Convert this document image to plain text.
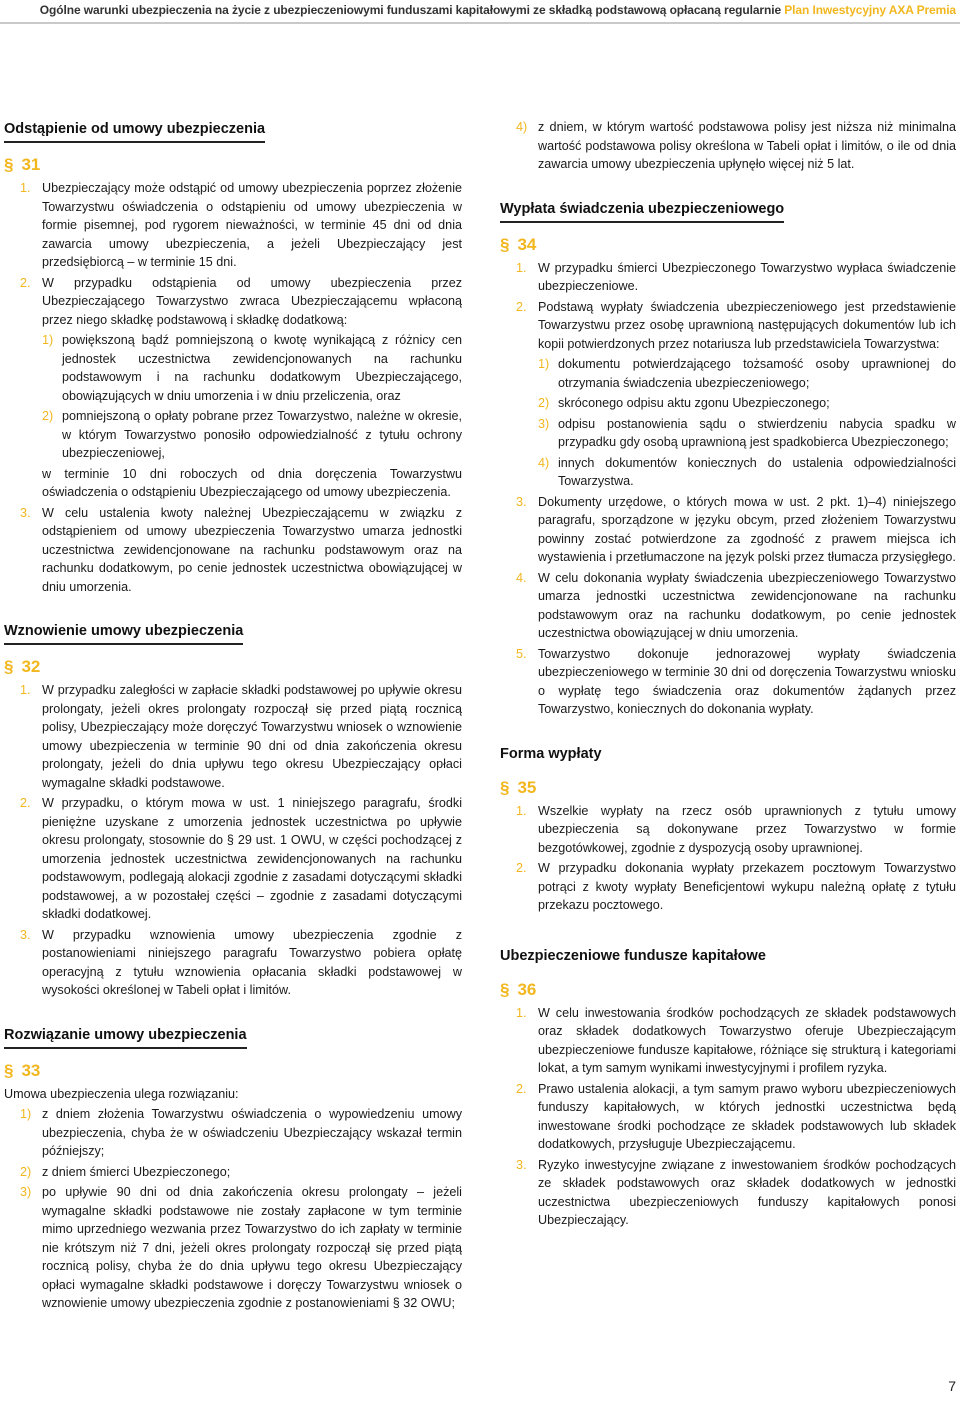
Ogólne warunki ubezpieczenia na życie z ubezpieczeniowymi funduszami kapitałowymi ze składką podstawową opłacaną regularnie Plan Inwestycyjny AXA Premia
Odstąpienie od umowy ubezpieczenia
§ 31
1. Ubezpieczający może odstąpić od umowy ubezpieczenia poprzez złożenie Towarzystwu oświadczenia o odstąpieniu od umowy ubezpieczenia w formie pisemnej, pod rygorem nieważności, w terminie 45 dni od dnia zawarcia umowy ubezpieczenia, a jeżeli Ubezpieczający jest przedsiębiorcą – w terminie 15 dni.
2. W przypadku odstąpienia od umowy ubezpieczenia przez Ubezpieczającego Towarzystwo zwraca Ubezpieczającemu wpłaconą przez niego składkę podstawową i składkę dodatkową:
1) powiększoną bądź pomniejszoną o kwotę wynikającą z różnicy cen jednostek uczestnictwa zewidencjonowanych na rachunku podstawowym i na rachunku dodatkowym Ubezpieczającego, obowiązujących w dniu umorzenia i w dniu przeliczenia, oraz
2) pomniejszoną o opłaty pobrane przez Towarzystwo, należne w okresie, w którym Towarzystwo ponosiło odpowiedzialność z tytułu ochrony ubezpieczeniowej,
w terminie 10 dni roboczych od dnia doręczenia Towarzystwu oświadczenia o odstąpieniu Ubezpieczającego od umowy ubezpieczenia.
3. W celu ustalenia kwoty należnej Ubezpieczającemu w związku z odstąpieniem od umowy ubezpieczenia Towarzystwo umarza jednostki uczestnictwa zewidencjonowane na rachunku podstawowym oraz na rachunku dodatkowym, po cenie jednostek uczestnictwa obowiązującej w dniu umorzenia.
Wznowienie umowy ubezpieczenia
§ 32
1. W przypadku zaległości w zapłacie składki podstawowej po upływie okresu prolongaty, jeżeli okres prolongaty rozpoczął się przed piątą rocznicą polisy, Ubezpieczający może doręczyć Towarzystwu wniosek o wznowienie umowy ubezpieczenia w terminie 90 dni od dnia zakończenia okresu prolongaty, jeżeli do dnia upływu tego okresu Ubezpieczający opłaci wymagalne składki podstawowe.
2. W przypadku, o którym mowa w ust. 1 niniejszego paragrafu, środki pieniężne uzyskane z umorzenia jednostek uczestnictwa po upływie okresu prolongaty, stosownie do § 29 ust. 1 OWU, w części pochodzącej z umorzenia jednostek uczestnictwa zewidencjonowanych na rachunku podstawowym, podlegają alokacji zgodnie z zasadami dotyczącymi składki podstawowej, a w pozostałej części – zgodnie z zasadami dotyczącymi składki dodatkowej.
3. W przypadku wznowienia umowy ubezpieczenia zgodnie z postanowieniami niniejszego paragrafu Towarzystwo pobiera opłatę operacyjną z tytułu wznowienia opłacania składki podstawowej w wysokości określonej w Tabeli opłat i limitów.
Rozwiązanie umowy ubezpieczenia
§ 33
Umowa ubezpieczenia ulega rozwiązaniu:
1) z dniem złożenia Towarzystwu oświadczenia o wypowiedzeniu umowy ubezpieczenia, chyba że w oświadczeniu Ubezpieczający wskazał termin późniejszy;
2) z dniem śmierci Ubezpieczonego;
3) po upływie 90 dni od dnia zakończenia okresu prolongaty – jeżeli wymagalne składki podstawowe nie zostały zapłacone w tym terminie mimo uprzedniego wezwania przez Towarzystwo do ich zapłaty w terminie nie krótszym niż 7 dni, jeżeli okres prolongaty rozpoczął się przed piątą rocznicą polisy, chyba że do dnia upływu tego okresu Ubezpieczający opłaci wymagalne składki podstawowe i doręczy Towarzystwu wniosek o wznowienie umowy ubezpieczenia zgodnie z postanowieniami § 32 OWU;
4) z dniem, w którym wartość podstawowa polisy jest niższa niż minimalna wartość podstawowa polisy określona w Tabeli opłat i limitów, o ile od dnia zawarcia umowy ubezpieczenia upłynęło więcej niż 5 lat.
Wypłata świadczenia ubezpieczeniowego
§ 34
1. W przypadku śmierci Ubezpieczonego Towarzystwo wypłaca świadczenie ubezpieczeniowe.
2. Podstawą wypłaty świadczenia ubezpieczeniowego jest przedstawienie Towarzystwu przez osobę uprawnioną następujących dokumentów lub ich kopii potwierdzonych przez notariusza lub przedstawiciela Towarzystwa:
1) dokumentu potwierdzającego tożsamość osoby uprawnionej do otrzymania świadczenia ubezpieczeniowego;
2) skróconego odpisu aktu zgonu Ubezpieczonego;
3) odpisu postanowienia sądu o stwierdzeniu nabycia spadku w przypadku gdy osobą uprawnioną jest spadkobierca Ubezpieczonego;
4) innych dokumentów koniecznych do ustalenia odpowiedzialności Towarzystwa.
3. Dokumenty urzędowe, o których mowa w ust. 2 pkt. 1)–4) niniejszego paragrafu, sporządzone w języku obcym, przed złożeniem Towarzystwu powinny zostać potwierdzone za zgodność z prawem miejsca ich wystawienia i przetłumaczone na język polski przez tłumacza przysięgłego.
4. W celu dokonania wypłaty świadczenia ubezpieczeniowego Towarzystwo umarza jednostki uczestnictwa zewidencjonowane na rachunku podstawowym oraz na rachunku dodatkowym, po cenie jednostek uczestnictwa obowiązującej w dniu umorzenia.
5. Towarzystwo dokonuje jednorazowej wypłaty świadczenia ubezpieczeniowego w terminie 30 dni od doręczenia Towarzystwu wniosku o wypłatę tego świadczenia oraz dokumentów żądanych przez Towarzystwo, koniecznych do dokonania wypłaty.
Forma wypłaty
§ 35
1. Wszelkie wypłaty na rzecz osób uprawnionych z tytułu umowy ubezpieczenia są dokonywane przez Towarzystwo w formie bezgotówkowej, zgodnie z dyspozycją osoby uprawnionej.
2. W przypadku dokonania wypłaty przekazem pocztowym Towarzystwo potrąci z kwoty wypłaty Beneficjentowi wykupu należną opłatę z tytułu przekazu pocztowego.
Ubezpieczeniowe fundusze kapitałowe
§ 36
1. W celu inwestowania środków pochodzących ze składek podstawowych oraz składek dodatkowych Towarzystwo oferuje Ubezpieczającym ubezpieczeniowe fundusze kapitałowe, różniące się strukturą i kategoriami lokat, a tym samym wynikami inwestycyjnymi i profilem ryzyka.
2. Prawo ustalenia alokacji, a tym samym prawo wyboru ubezpieczeniowych funduszy kapitałowych, w których jednostki uczestnictwa będą inwestowane środki pochodzące ze składek podstawowych lub składek dodatkowych, przysługuje Ubezpieczającemu.
3. Ryzyko inwestycyjne związane z inwestowaniem środków pochodzących ze składek podstawowych oraz składek dodatkowych w jednostki uczestnictwa ubezpieczeniowych funduszy kapitałowych ponosi Ubezpieczający.
7
